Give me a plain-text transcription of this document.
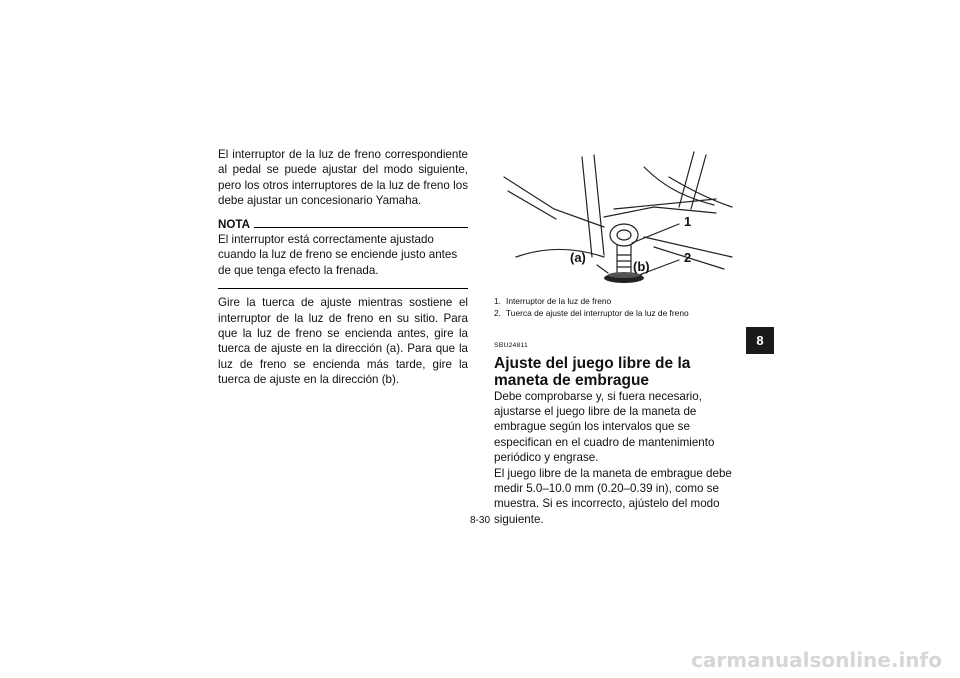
El interruptor de la luz de freno correspondiente al pedal se puede ajustar del modo siguiente, pero los otros interruptores de la luz de freno los debe ajustar un concesionario Yamaha.

NOTA

El interruptor está correctamente ajustado cuando la luz de freno se enciende justo antes de que tenga efecto la frenada.

Gire la tuerca de ajuste mientras sostiene el interruptor de la luz de freno en su sitio. Para que la luz de freno se encienda antes, gire la tuerca de ajuste en la dirección (a). Para que la luz de freno se encienda más tarde, gire la tuerca de ajuste en la dirección (b).

1
2
(a)
(b)
1. Interruptor de la luz de freno
2. Tuerca de ajuste del interruptor de la luz de freno
SBU24811
Ajuste del juego libre de la maneta de embrague

Debe comprobarse y, si fuera necesario, ajustarse el juego libre de la maneta de embrague según los intervalos que se especifican en el cuadro de mantenimiento periódico y engrase.

El juego libre de la maneta de embrague debe medir 5.0–10.0 mm (0.20–0.39 in), como se muestra. Si es incorrecto, ajústelo del modo siguiente.

8
8-30
carmanualsonline.info
